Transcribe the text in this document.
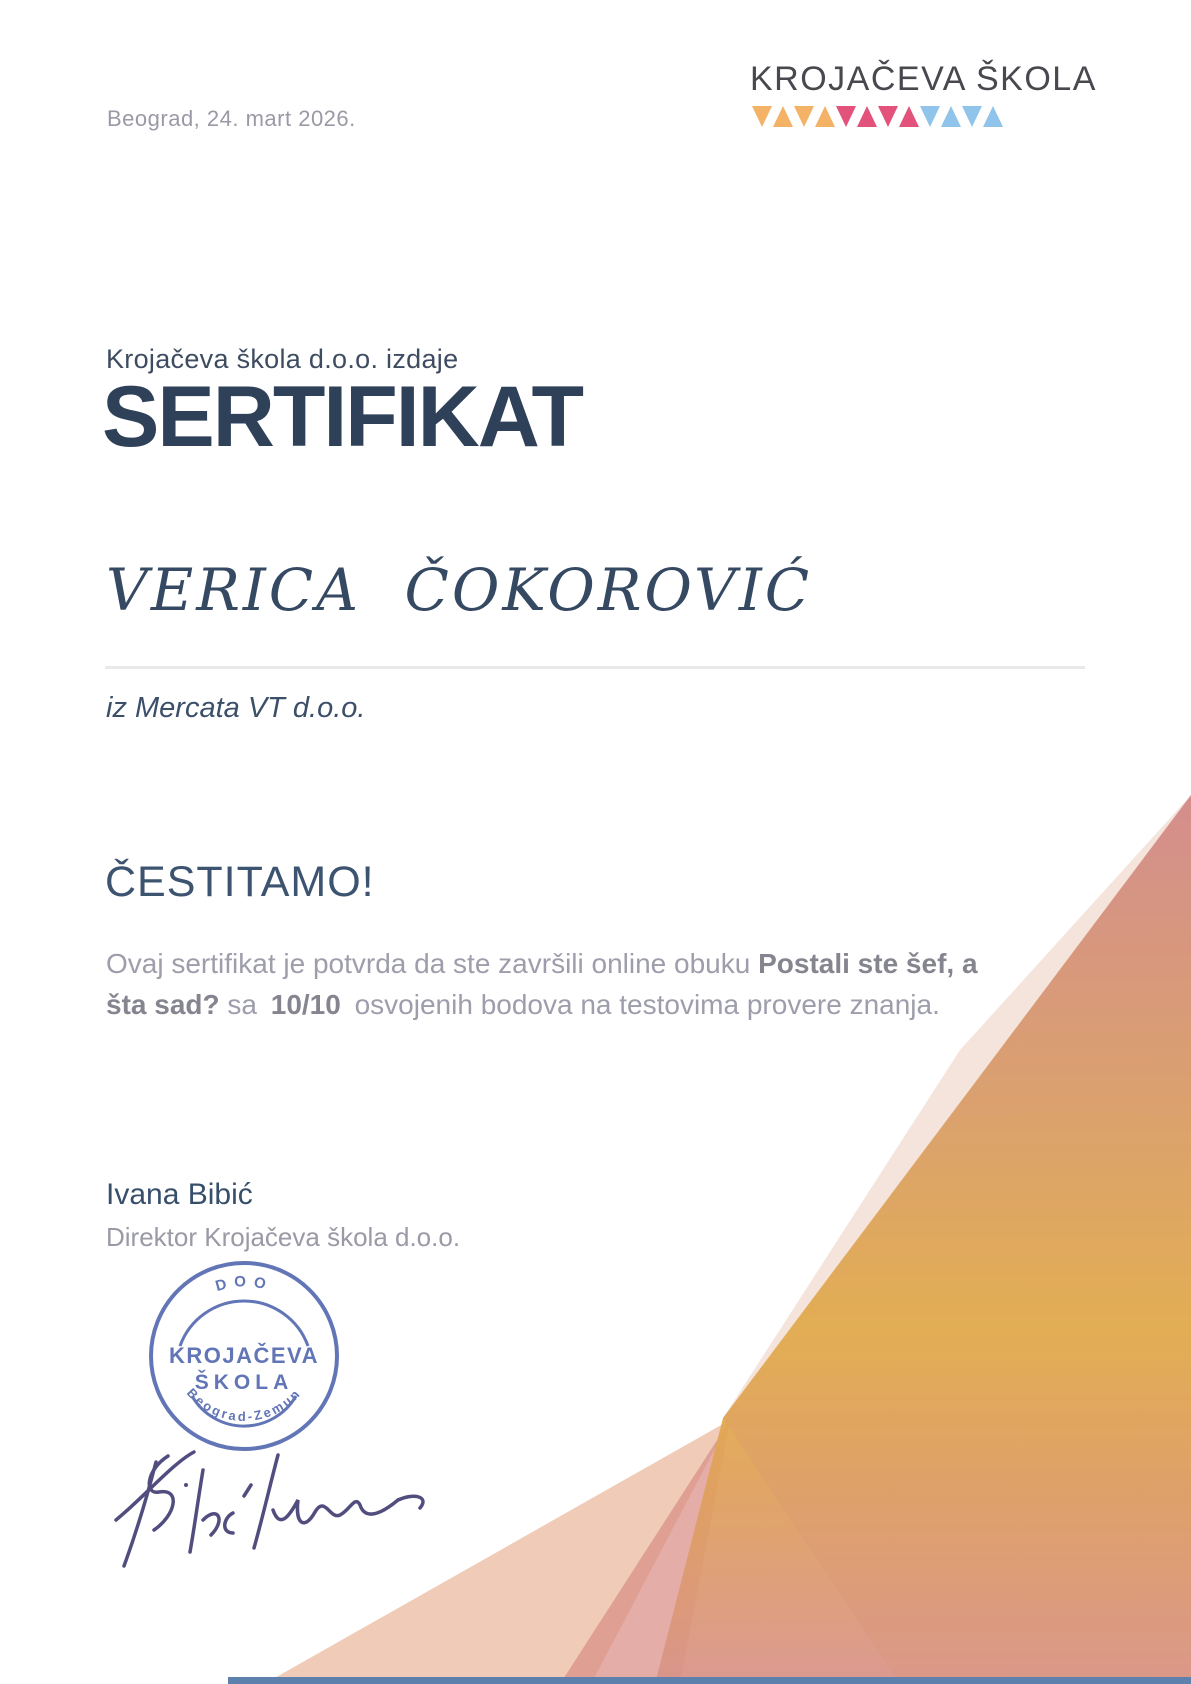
Beograd, 24. mart 2026.
KROJAČEVA ŠKOLA
Krojačeva škola d.o.o. izdaje
SERTIFIKAT
VERICA ČOKOROVIĆ
iz Mercata VT d.o.o.
ČESTITAMO!
Ovaj sertifikat je potvrda da ste završili online obuku Postali ste šef, a šta sad? sa 10/10 osvojenih bodova na testovima provere znanja.
Ivana Bibić
Direktor Krojačeva škola d.o.o.
DOO
KROJAČEVA
ŠKOLA
Beograd-Zemun
